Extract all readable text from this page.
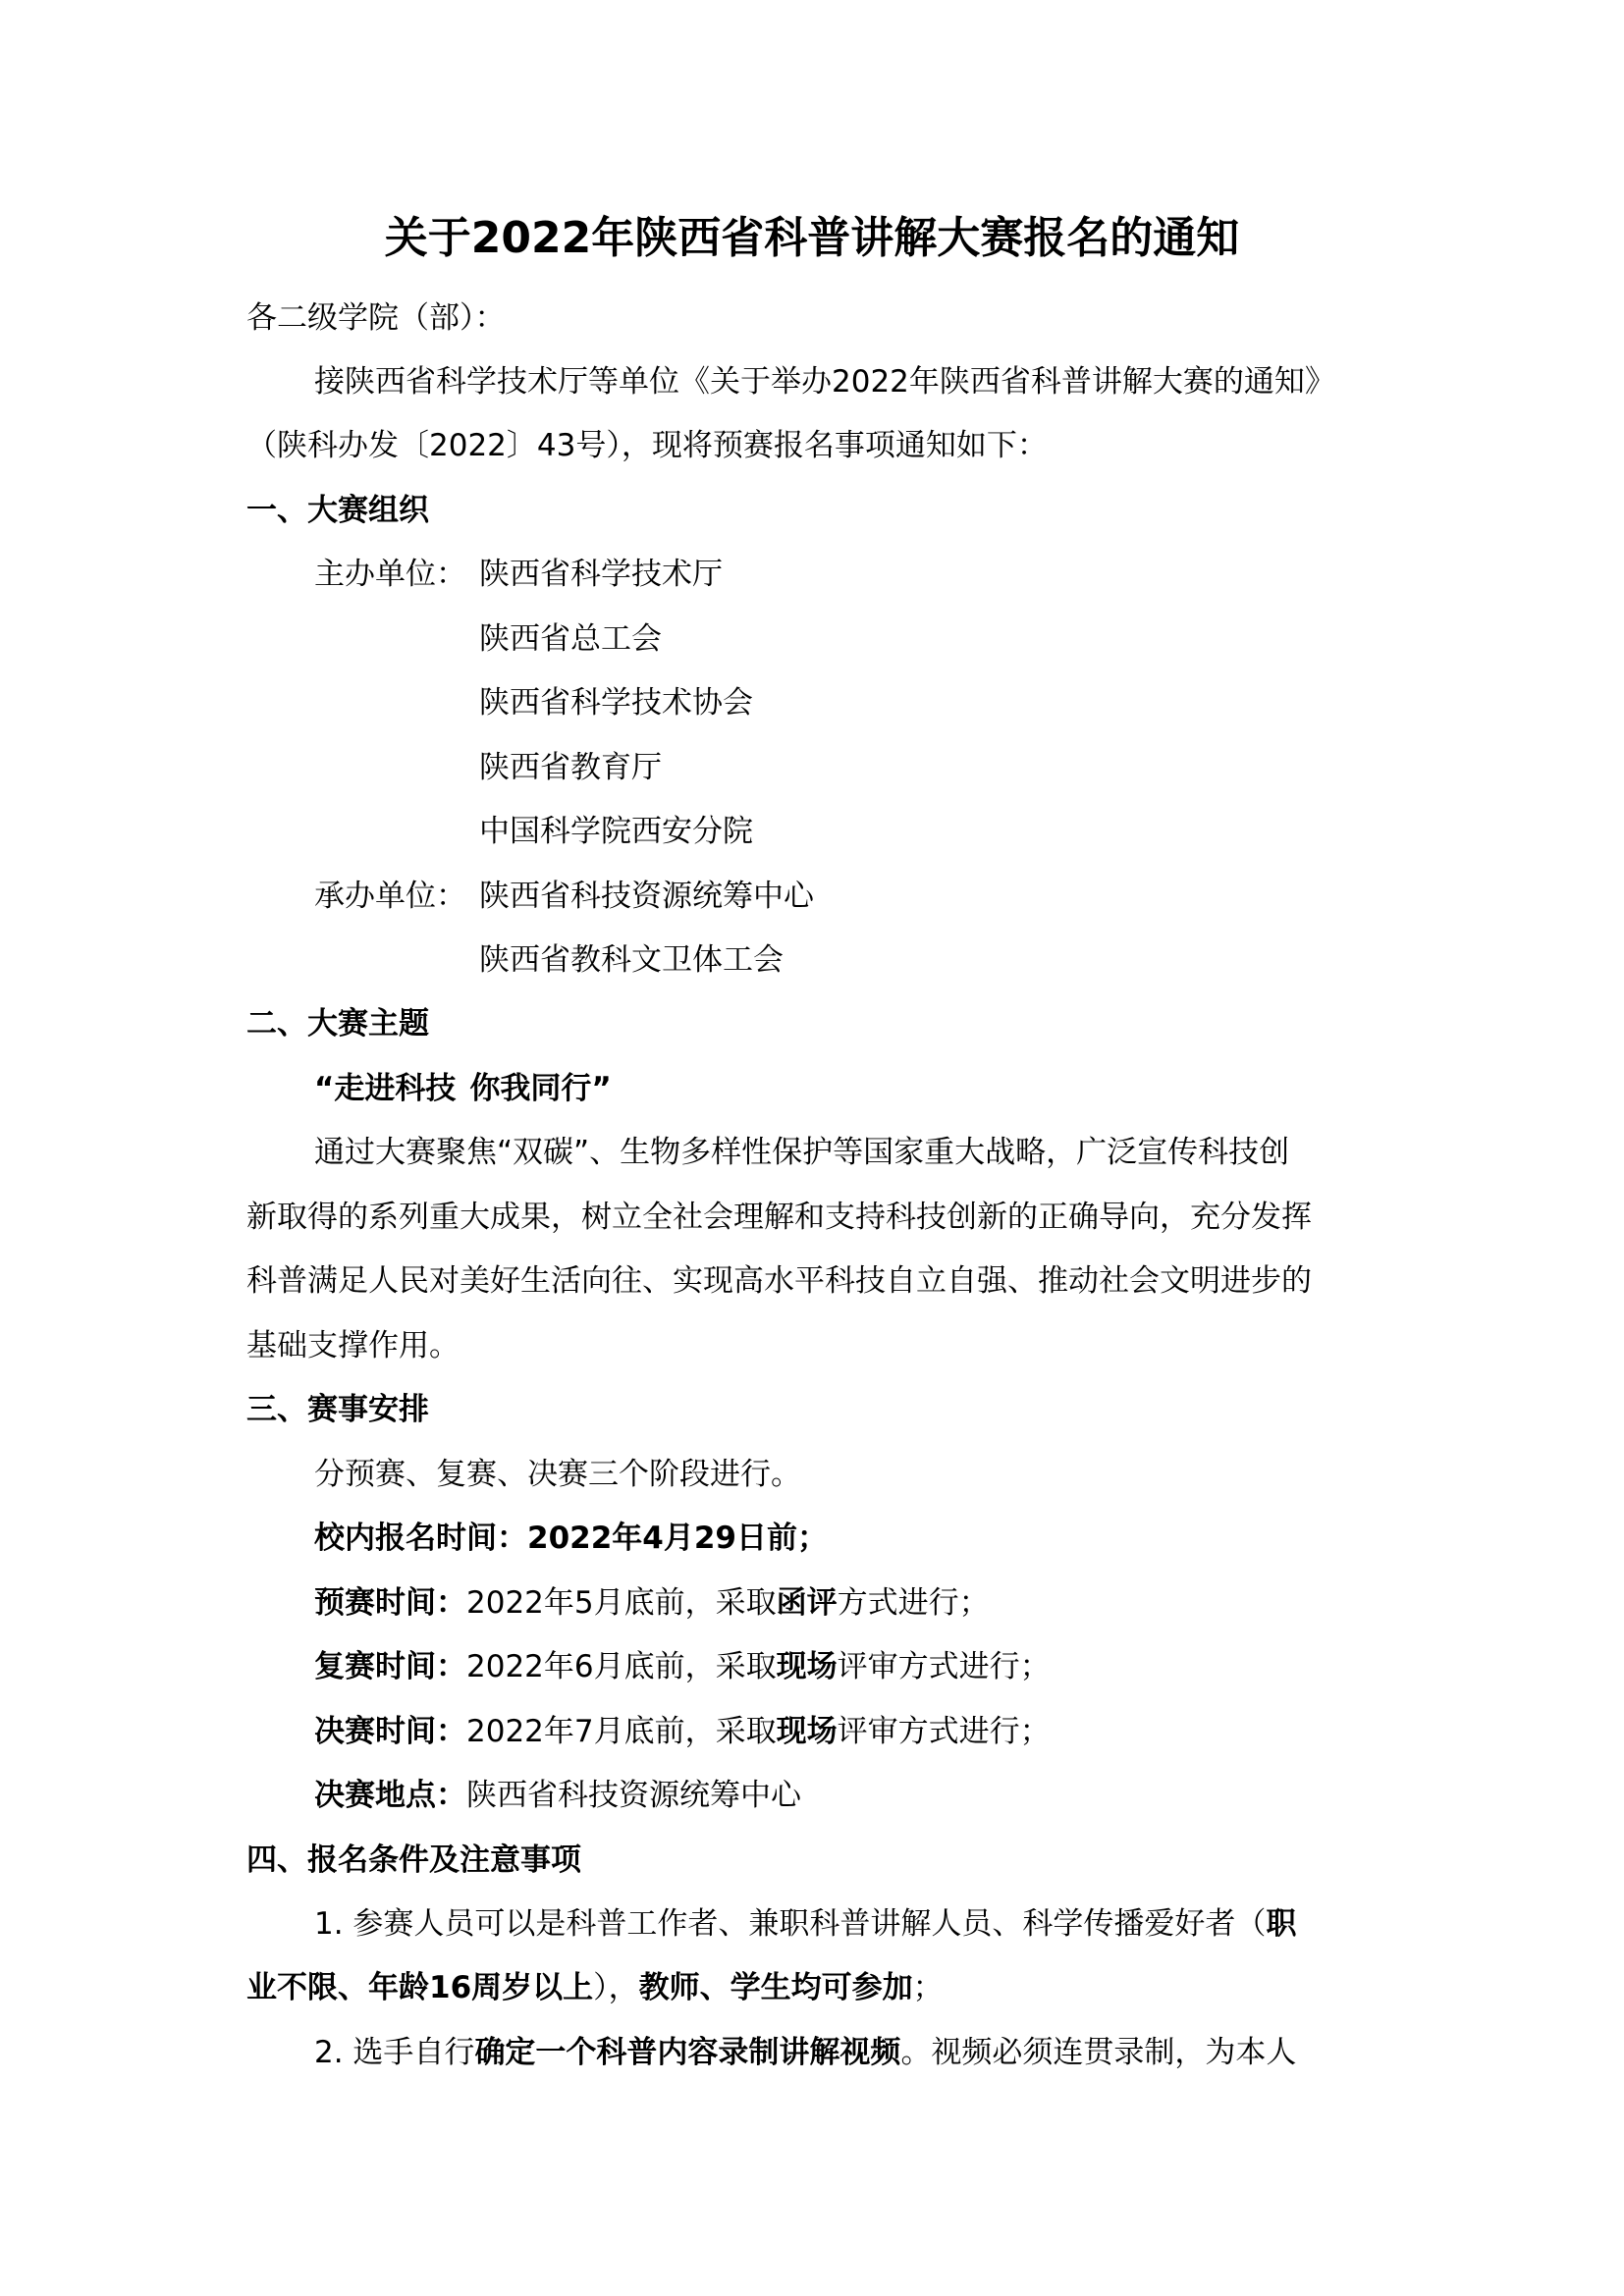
关于2022年陕西省科普讲解大赛报名的通知
各二级学院（部）：
接陕西省科学技术厅等单位《关于举办2022年陕西省科普讲解大赛的通知》
（陕科办发〔2022〕43号），现将预赛报名事项通知如下：
一、大赛组织
主办单位： 陕西省科学技术厅
陕西省总工会
陕西省科学技术协会
陕西省教育厅
中国科学院西安分院
承办单位： 陕西省科技资源统筹中心
陕西省教科文卫体工会
二、大赛主题
“走进科技 你我同行”
通过大赛聚焦“双碳”、生物多样性保护等国家重大战略，广泛宣传科技创
新取得的系列重大成果，树立全社会理解和支持科技创新的正确导向，充分发挥
科普满足人民对美好生活向往、实现高水平科技自立自强、推动社会文明进步的
基础支撑作用。
三、赛事安排
分预赛、复赛、决赛三个阶段进行。
校内报名时间：2022年4月29日前；
预赛时间：2022年5月底前，采取函评方式进行；
复赛时间：2022年6月底前，采取现场评审方式进行；
决赛时间：2022年7月底前，采取现场评审方式进行；
决赛地点：陕西省科技资源统筹中心
四、报名条件及注意事项
1. 参赛人员可以是科普工作者、兼职科普讲解人员、科学传播爱好者（职
业不限、年龄16周岁以上），教师、学生均可参加；
2. 选手自行确定一个科普内容录制讲解视频。视频必须连贯录制，为本人
